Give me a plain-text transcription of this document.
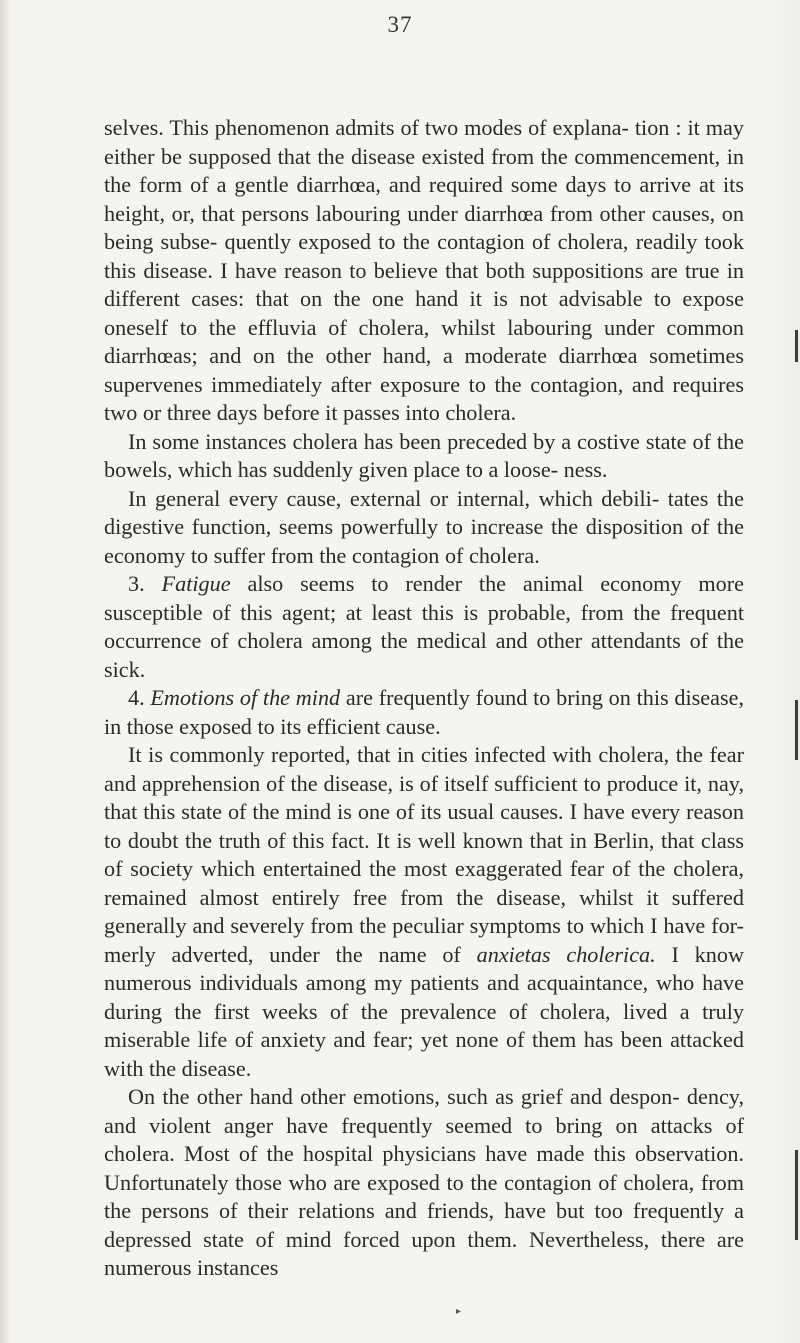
37

selves. This phenomenon admits of two modes of explana- tion : it may either be supposed that the disease existed from the commencement, in the form of a gentle diarrhœa, and required some days to arrive at its height, or, that persons labouring under diarrhœa from other causes, on being subse- quently exposed to the contagion of cholera, readily took this disease. I have reason to believe that both suppositions are true in different cases: that on the one hand it is not advisable to expose oneself to the effluvia of cholera, whilst labouring under common diarrhœas; and on the other hand, a moderate diarrhœa sometimes supervenes immediately after exposure to the contagion, and requires two or three days before it passes into cholera.

In some instances cholera has been preceded by a costive state of the bowels, which has suddenly given place to a loose- ness.

In general every cause, external or internal, which debili- tates the digestive function, seems powerfully to increase the disposition of the economy to suffer from the contagion of cholera.

3. Fatigue also seems to render the animal economy more susceptible of this agent; at least this is probable, from the frequent occurrence of cholera among the medical and other attendants of the sick.

4. Emotions of the mind are frequently found to bring on this disease, in those exposed to its efficient cause.

It is commonly reported, that in cities infected with cholera, the fear and apprehension of the disease, is of itself sufficient to produce it, nay, that this state of the mind is one of its usual causes. I have every reason to doubt the truth of this fact. It is well known that in Berlin, that class of society which entertained the most exaggerated fear of the cholera, remained almost entirely free from the disease, whilst it suffered generally and severely from the peculiar symptoms to which I have for- merly adverted, under the name of anxietas cholerica. I know numerous individuals among my patients and acquaintance, who have during the first weeks of the prevalence of cholera, lived a truly miserable life of anxiety and fear; yet none of them has been attacked with the disease.

On the other hand other emotions, such as grief and despon- dency, and violent anger have frequently seemed to bring on attacks of cholera. Most of the hospital physicians have made this observation. Unfortunately those who are exposed to the contagion of cholera, from the persons of their relations and friends, have but too frequently a depressed state of mind forced upon them. Nevertheless, there are numerous instances

▸
